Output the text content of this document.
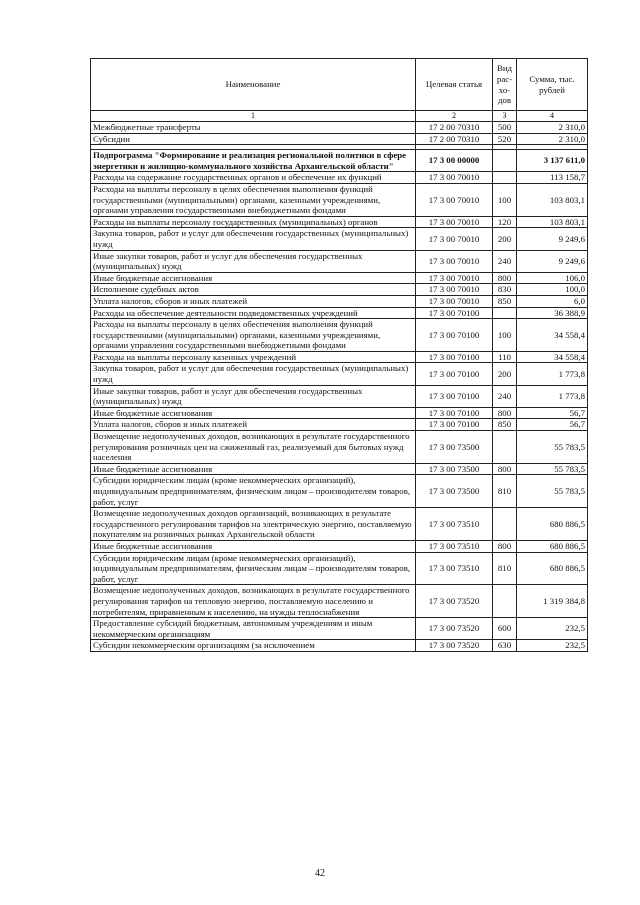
Наименование	Целевая статья	Вид рас-хо-дов	Сумма, тыс. рублей
1	2	3	4
Межбюджетные трансферты	17 2 00 70310	500	2 310,0
Субсидии	17 2 00 70310	520	2 310,0

Подпрограмма "Формирование и реализация региональной политики в сфере энергетики и жилищно-коммунального хозяйства Архангельской области"	17 3 00 00000		3 137 611,0
Расходы на содержание государственных органов и обеспечение их функций	17 3 00 70010		113 158,7
Расходы на выплаты персоналу в целях обеспечения выполнения функций государственными (муниципальными) органами, казенными учреждениями, органами управления государственными внебюджетными фондами	17 3 00 70010	100	103 803,1
Расходы на выплаты персоналу государственных (муниципальных) органов	17 3 00 70010	120	103 803,1
Закупка товаров, работ и услуг для обеспечения государственных (муниципальных) нужд	17 3 00 70010	200	9 249,6
Иные закупки товаров, работ и услуг для обеспечения государственных (муниципальных) нужд	17 3 00 70010	240	9 249,6
Иные бюджетные ассигнования	17 3 00 70010	800	106,0
Исполнение судебных актов	17 3 00 70010	830	100,0
Уплата налогов, сборов и иных платежей	17 3 00 70010	850	6,0
Расходы на обеспечение деятельности подведомственных учреждений	17 3 00 70100		36 388,9
Расходы на выплаты персоналу в целях обеспечения выполнения функций государственными (муниципальными) органами, казенными учреждениями, органами управления государственными внебюджетными фондами	17 3 00 70100	100	34 558,4
Расходы на выплаты персоналу казенных учреждений	17 3 00 70100	110	34 558,4
Закупка товаров, работ и услуг для обеспечения государственных (муниципальных) нужд	17 3 00 70100	200	1 773,8
Иные закупки товаров, работ и услуг для обеспечения государственных (муниципальных) нужд	17 3 00 70100	240	1 773,8
Иные бюджетные ассигнования	17 3 00 70100	800	56,7
Уплата налогов, сборов и иных платежей	17 3 00 70100	850	56,7
Возмещение недополученных доходов, возникающих в результате государственного регулирования розничных цен на сжиженный газ, реализуемый для бытовых нужд населения	17 3 00 73500		55 783,5
Иные бюджетные ассигнования	17 3 00 73500	800	55 783,5
Субсидии юридическим лицам (кроме некоммерческих организаций), индивидуальным предпринимателям, физическим лицам – производителям товаров, работ, услуг	17 3 00 73500	810	55 783,5
Возмещение недополученных доходов организаций, возникающих в результате государственного регулирования тарифов на электрическую энергию, поставляемую покупателям на розничных рынках Архангельской области	17 3 00 73510		680 886,5
Иные бюджетные ассигнования	17 3 00 73510	800	680 886,5
Субсидии юридическим лицам (кроме некоммерческих организаций), индивидуальным предпринимателям, физическим лицам – производителям товаров, работ, услуг	17 3 00 73510	810	680 886,5
Возмещение недополученных доходов, возникающих в результате государственного регулирования тарифов на тепловую энергию, поставляемую населению и потребителям, приравненным к населению, на нужды теплоснабжения	17 3 00 73520		1 319 384,8
Предоставление субсидий бюджетным, автономным учреждениям и иным некоммерческим организациям	17 3 00 73520	600	232,5
Субсидии некоммерческим организациям (за исключением	17 3 00 73520	630	232,5
42
